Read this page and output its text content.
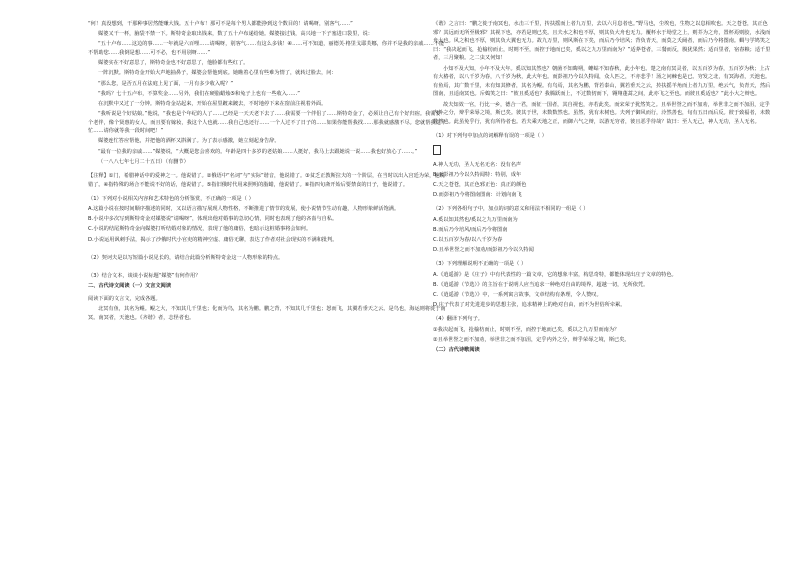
“何！真没想到，干那种事居然能赚大钱。五十卢布！那可不是每个男人都能挣到这个数目的！请喝呀，别客气……”

媒婆又干一杯，脑袋不禁一下。斯特奇金取出钱来，数了五十卢布递给她。媒婆接过钱，高兴地一下子塞进口袋里，说：

“五十卢布……这边的事……一年就是六百哩……请喝呀，别客气……有这么多钱！④……可不知道，丽德芙·格里戈耶芙娜，你并不是我的亲戚……不能不帮助您……我倒是想……可不必，也不用别呀……”

媒婆实在不好意思了，斯特奇金也不好意思了，他脸都有些红了。

一阵沉默。斯特奇金开始大声地抽鼻子，媒婆会帮他到底。她瞧着心里有些难为情了，就转过脸去，问：

“那么您，是否五月在法庭上见了面，一月有多少收入呢？”

“我吗？七十五卢布，不算奖金……另外，我们在硬脂蜡烛⑤和兔子上也有一些收入……”

在沉默中又过了一分钟。斯特奇金站起来，开始在屋里踱来踱去，不时地停下来在窗前注视着外面。

“我听说是个好姑娘。”他说，“我也是个年纪的人了……已经是一天天老下去了……我需要一个伴侣了……斯特奇金了，必须让自己有个好归宿。我需要一个老伴，像个贤惠的女人。而且要有嫁妆，我这个人也就……我自己也还行……一个人过不了日子的……如果你能帮我找……那我就感激不尽。您就帮我这个忙……请你就等我一段时间吧！”

媒婆连忙答应帮他，并把他的酒杯又斟满了。为了表示感激，她立刻起身告辞。

“最有一位我的亲戚……”媒婆说，“大概是您会喜欢的。年龄是四十多岁的老姑娘……人挺好，我马上去跟她说一说……我也好放心了……。”

（一八八七年七月二十五日）（有删节）

【注释】①门，希腊神话中的爱神之一。他说错了。②俄语中“名词”与“实际”谐音，他说错了。③贫乏正教斯拉夫的一个阶层，在当时以出入宫廷为荣，他说错了。④指特殊的场合不能说不好的话，他说错了。⑤指旧俄时代用来照明的脂蜡，他说错了。⑥指四旬斋开始后要禁食的日子，他说错了。

（1）下列对小说相关内容和艺术特色的分析鉴赏，不正确的一项是（ ）

A.这篇小说在按时间顺序描述的同时，又以语言描写展现人物性格，不断推进了情节的发展，使小说情节生动有趣，人物形象鲜活饱满。

B.小说中多次写到斯特奇金对媒婆说“请喝呀”，体现出他对婚事的急切心情，同时也表现了他的吝啬与自私。

C.小说的结尾斯特奇金向媒婆打听结婚对象的情况，表现了他的庸俗，也暗示这桩婚事将会如何。

D.小说运用讽刺手法，揭示了沙俄时代小官吏的精神空虚、庸俗无聊，表达了作者对社会现实的不满和批判。

（2）契诃夫是以写短篇小说见长的，请结合此篇分析斯特奇金这一人物形象的特点。

（3）结合文本，谈谈小说标题“媒婆”有何作用？

二、古代诗文阅读（一）文言文阅读

阅读下面的文言文，完成各题。

北冥有鱼，其名为鲲。鲲之大，不知其几千里也；化而为鸟，其名为鹏。鹏之背，不知其几千里也；怒而飞，其翼若垂天之云。是鸟也，海运则将徙于南冥。南冥者，天池也。《齐谐》者，志怪者也。

《谐》之言曰：“鹏之徙于南冥也，水击三千里，抟扶摇而上者九万里，去以六月息者也。”野马也，尘埃也，生物之以息相吹也。天之苍苍，其正色邪？其远而无所至极邪？其视下也，亦若是则已矣。且夫水之积也不厚，则其负大舟也无力。覆杯水于坳堂之上，则芥为之舟，置杯焉则胶，水浅而舟大也。风之积也不厚，则其负大翼也无力。故九万里，则风斯在下矣，而后乃今培风；背负青天，而莫之夭阏者，而后乃今将图南。蜩与学鸠笑之曰：“我决起而飞，抢榆枋而止，时则不至，而控于地而已矣，奚以之九万里而南为？”适莽苍者，三餐而反，腹犹果然；适百里者，宿舂粮；适千里者，三月聚粮。之二虫又何知！

小知不及大知，小年不及大年。奚以知其然也？朝菌不知晦朔，蟪蛄不知春秋，此小年也。楚之南有冥灵者，以五百岁为春，五百岁为秋；上古有大椿者，以八千岁为春，八千岁为秋，此大年也。而彭祖乃今以久特闻，众人匹之，不亦悲乎！汤之问棘也是已。穷发之北，有冥海者，天池也。有鱼焉，其广数千里，未有知其修者，其名为鲲。有鸟焉，其名为鹏，背若泰山，翼若垂天之云，抟扶摇羊角而上者九万里，绝云气，负青天，然后图南，且适南冥也。斥鴳笑之曰：“彼且奚适也？我腾跃而上，不过数仞而下，翱翔蓬蒿之间，此亦飞之至也。而彼且奚适也？”此小大之辩也。

故夫知效一官，行比一乡，德合一君，而征一国者，其自视也，亦若此矣。而宋荣子犹然笑之。且举世誉之而不加劝，举世非之而不加沮，定乎内外之分，辩乎荣辱之境，斯已矣。彼其于世，未数数然也。虽然，犹有未树也。夫列子御风而行，泠然善也，旬有五日而后反。彼于致福者，未数数然也。此虽免乎行，犹有所待者也。若夫乘天地之正，而御六气之辩，以游无穷者，彼且恶乎待哉？故曰：至人无己，神人无功，圣人无名。

（1）对下列句中加点的词解释有误的一项是（ ）

A.神人无功，圣人无名无名：没有名声

B.而彭祖乃今以久特闻特：特别，成年

C.天之苍苍，其正色邪正色：真正的颜色

D.而彭祖乃今将图南图南：计划向南飞

（2）下列各组句子中，加点的词的意义和用法不相同的一组是（ ）

A.奚以知其然也/奚以之九万里而南为

B.而后乃今培风/而后乃今将图南

C.以五百岁为春/以八千岁为春

D.且举世誉之而不加劝/而彭祖乃今以久特闻

（3）下列理解说明不正确的一项是（ ）

A.《逍遥游》是《庄子》中有代表性的一篇文章，它的想象丰富，构思奇特，都能体现出庄子文章的特色。

B.《逍遥游（节选）》的主旨在于说明人应当追求一种绝对自由的境界，超越一切，无所依凭。

C.《逍遥游（节选）》中，一系列寓言故事，文章结构有条理，令人赞叹。

D.庄子代表了对先进进步的思想主张，追求精神上的绝对自由，而不为世俗所牵累。

（4）翻译下列句子。

①我决起而飞，抢榆枋而止，时则不至，而控于地而已矣，奚以之九万里而南为？

②且举世誉之而不加劝，举世非之而不加沮，定乎内外之分，辩乎荣辱之境，斯已矣。

（二）古代诗歌阅读
